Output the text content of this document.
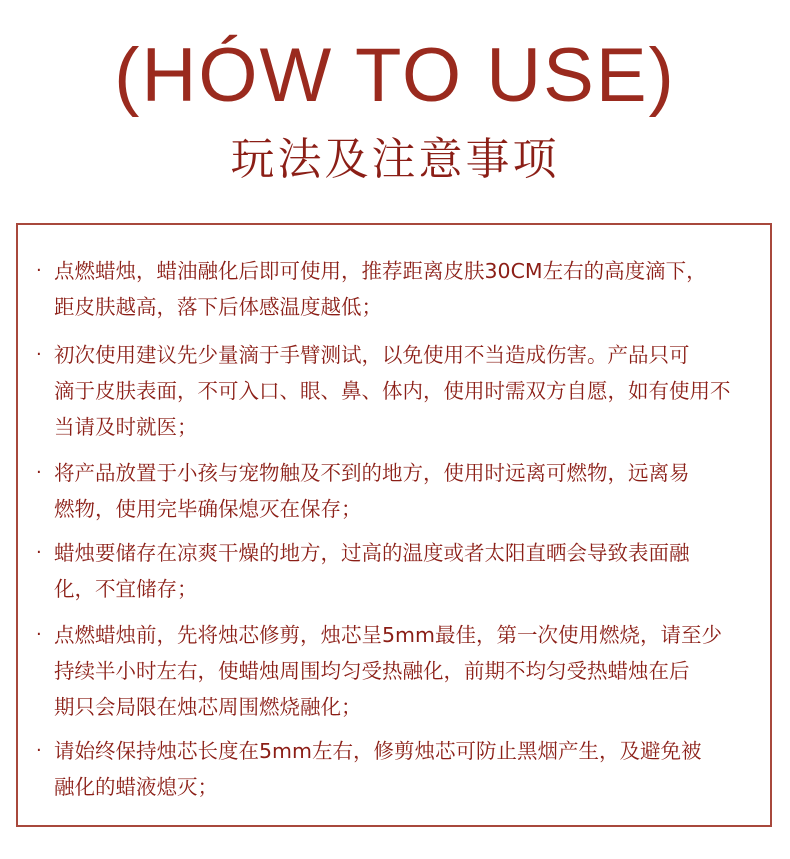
(HÓW TO USE)
玩法及注意事项
· 点燃蜡烛，蜡油融化后即可使用，推荐距离皮肤30CM左右的高度滴下，
距皮肤越高，落下后体感温度越低；
· 初次使用建议先少量滴于手臂测试，以免使用不当造成伤害。产品只可
滴于皮肤表面，不可入口、眼、鼻、体内，使用时需双方自愿，如有使用不
当请及时就医；
· 将产品放置于小孩与宠物触及不到的地方，使用时远离可燃物，远离易
燃物，使用完毕确保熄灭在保存；
· 蜡烛要储存在凉爽干燥的地方，过高的温度或者太阳直晒会导致表面融
化，不宜储存；
· 点燃蜡烛前，先将烛芯修剪，烛芯呈5mm最佳，第一次使用燃烧，请至少
持续半小时左右，使蜡烛周围均匀受热融化，前期不均匀受热蜡烛在后
期只会局限在烛芯周围燃烧融化；
· 请始终保持烛芯长度在5mm左右，修剪烛芯可防止黑烟产生，及避免被
融化的蜡液熄灭；
